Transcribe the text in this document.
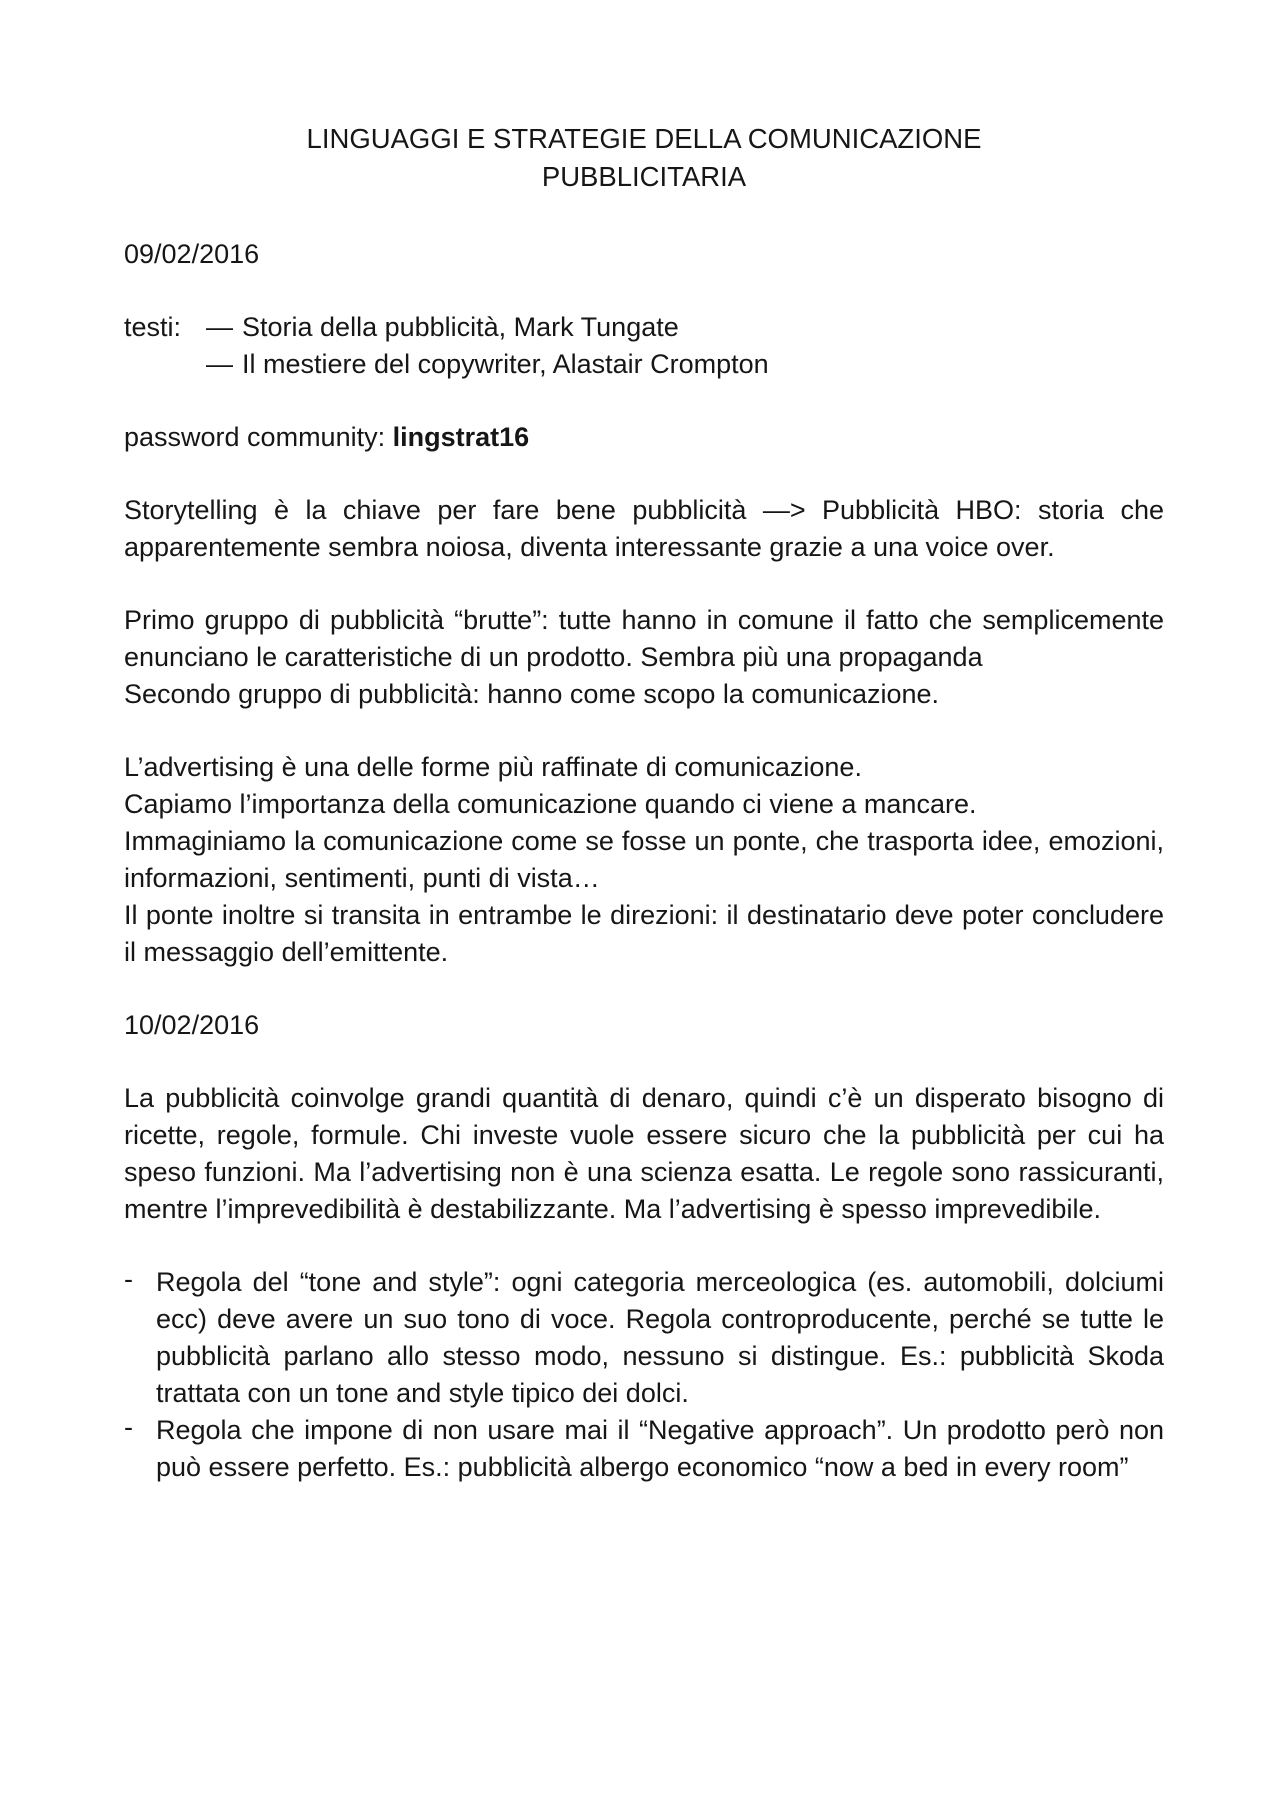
LINGUAGGI E STRATEGIE DELLA COMUNICAZIONE
PUBBLICITARIA
09/02/2016
testi: — Storia della pubblicità, Mark Tungate
— Il mestiere del copywriter, Alastair Crompton
password community: lingstrat16

Storytelling è la chiave per fare bene pubblicità —> Pubblicità HBO: storia che apparentemente sembra noiosa, diventa interessante grazie a una voice over.

Primo gruppo di pubblicità “brutte”: tutte hanno in comune il fatto che semplicemente enunciano le caratteristiche di un prodotto. Sembra più una propaganda
Secondo gruppo di pubblicità: hanno come scopo la comunicazione.
L’advertising è una delle forme più raffinate di comunicazione.
Capiamo l’importanza della comunicazione quando ci viene a mancare.
Immaginiamo la comunicazione come se fosse un ponte, che trasporta idee, emozioni, informazioni, sentimenti, punti di vista…
Il ponte inoltre si transita in entrambe le direzioni: il destinatario deve poter concludere il messaggio dell’emittente.
10/02/2016

La pubblicità coinvolge grandi quantità di denaro, quindi c’è un disperato bisogno di ricette, regole, formule. Chi investe vuole essere sicuro che la pubblicità per cui ha speso funzioni. Ma l’advertising non è una scienza esatta. Le regole sono rassicuranti, mentre l’imprevedibilità è destabilizzante. Ma l’advertising è spesso imprevedibile.

- Regola del “tone and style”: ogni categoria merceologica (es. automobili, dolciumi ecc) deve avere un suo tono di voce. Regola controproducente, perché se tutte le pubblicità parlano allo stesso modo, nessuno si distingue. Es.: pubblicità Skoda trattata con un tone and style tipico dei dolci.
- Regola che impone di non usare mai il “Negative approach”. Un prodotto però non può essere perfetto. Es.: pubblicità albergo economico “now a bed in every room”
